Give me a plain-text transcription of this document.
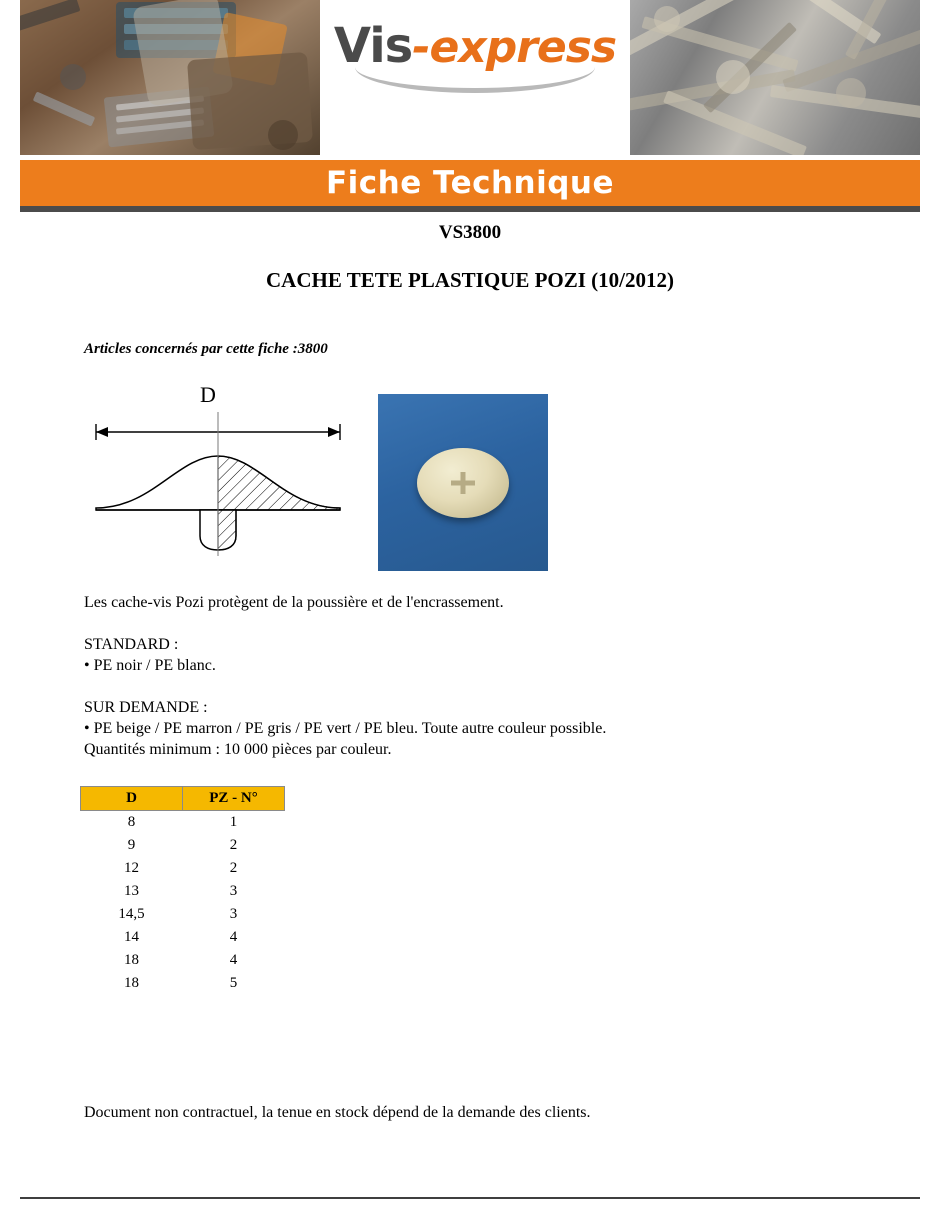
Vis-express
Fiche Technique
VS3800
CACHE TETE PLASTIQUE POZI (10/2012)
Articles concernés par cette fiche :3800
D
Les cache-vis Pozi protègent de la poussière et de l'encrassement.
STANDARD :
• PE noir / PE blanc.
SUR DEMANDE :
• PE beige / PE marron / PE gris / PE vert / PE bleu. Toute autre couleur possible.
Quantités minimum : 10 000 pièces par couleur.
D	PZ - N°
8	1
9	2
12	2
13	3
14,5	3
14	4
18	4
18	5
Document non contractuel, la tenue en stock dépend de la demande des clients.
